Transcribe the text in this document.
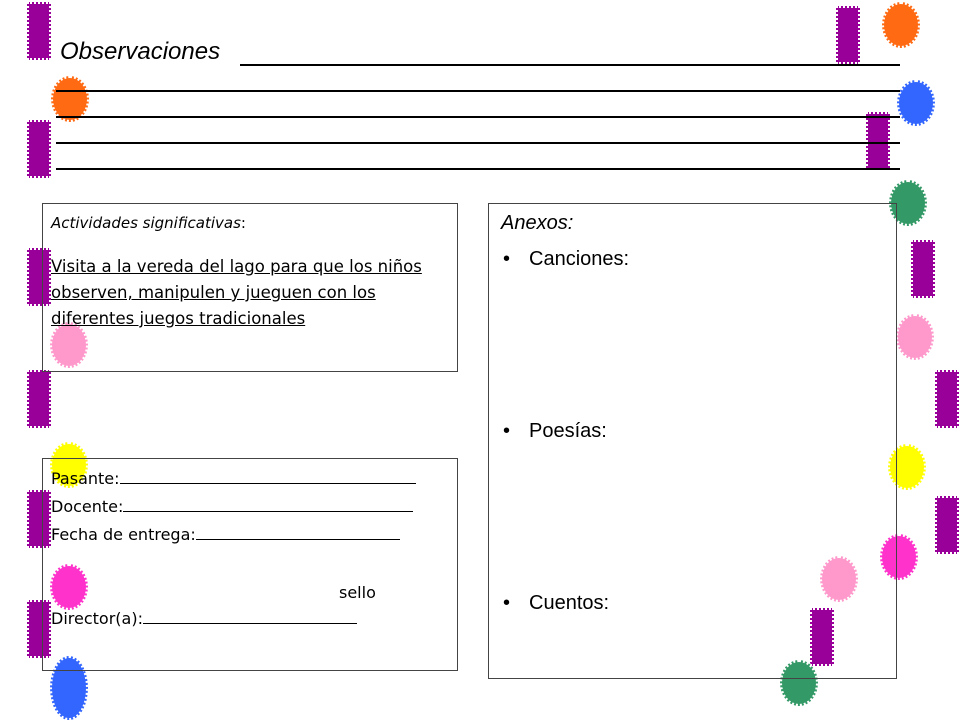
Observaciones
Actividades significativas:
Visita a la vereda del lago para que los niños observen, manipulen y jueguen con los diferentes juegos tradicionales
Pasante:
Docente:
Fecha de entrega:
sello
Director(a):
Anexos:
• Canciones:
• Poesías:
• Cuentos:
